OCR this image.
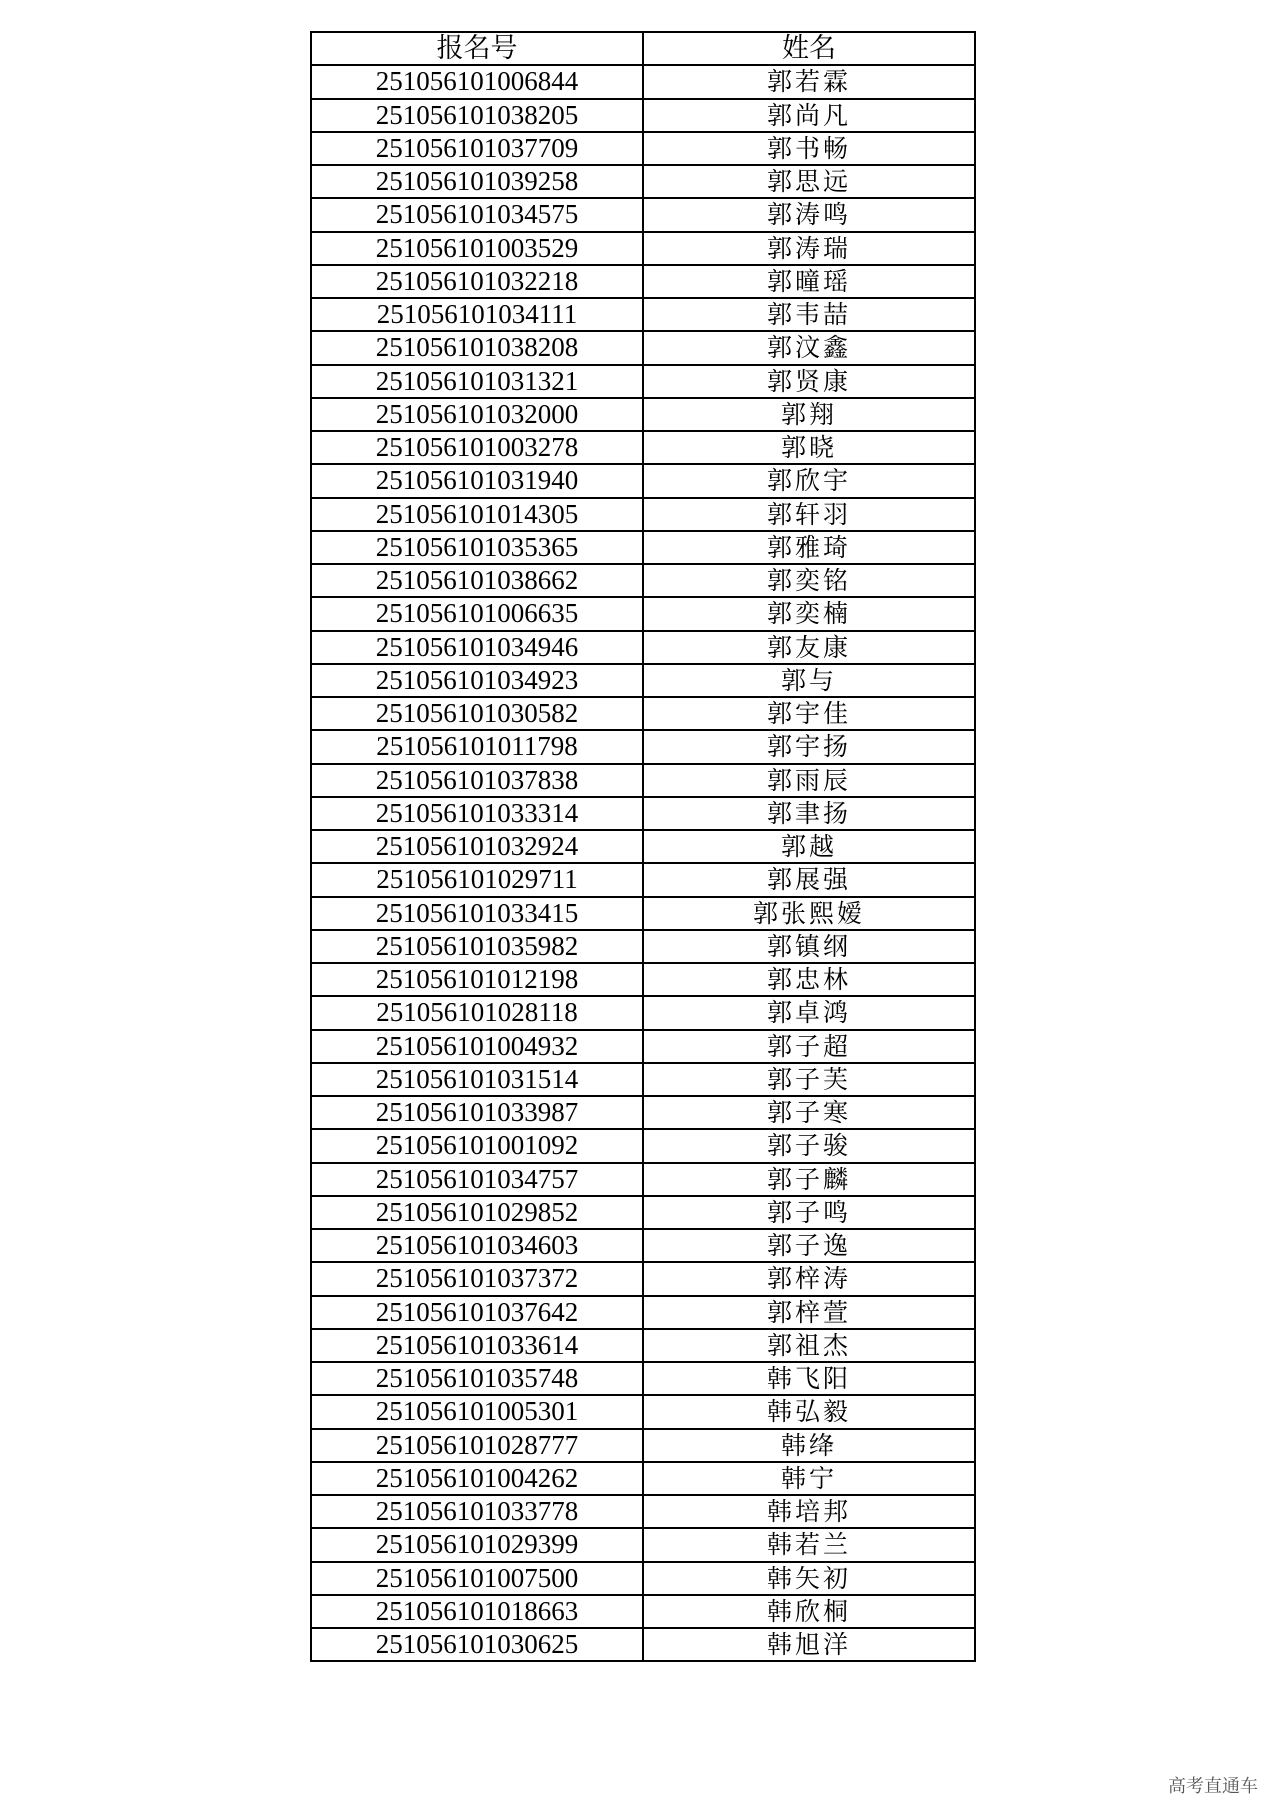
报名号	姓名
251056101006844	郭若霖
251056101038205	郭尚凡
251056101037709	郭书畅
251056101039258	郭思远
251056101034575	郭涛鸣
251056101003529	郭涛瑞
251056101032218	郭曈瑶
251056101034111	郭韦喆
251056101038208	郭汶鑫
251056101031321	郭贤康
251056101032000	郭翔
251056101003278	郭晓
251056101031940	郭欣宇
251056101014305	郭轩羽
251056101035365	郭雅琦
251056101038662	郭奕铭
251056101006635	郭奕楠
251056101034946	郭友康
251056101034923	郭与
251056101030582	郭宇佳
251056101011798	郭宇扬
251056101037838	郭雨辰
251056101033314	郭聿扬
251056101032924	郭越
251056101029711	郭展强
251056101033415	郭张熙嫒
251056101035982	郭镇纲
251056101012198	郭忠林
251056101028118	郭卓鸿
251056101004932	郭子超
251056101031514	郭子芙
251056101033987	郭子寒
251056101001092	郭子骏
251056101034757	郭子麟
251056101029852	郭子鸣
251056101034603	郭子逸
251056101037372	郭梓涛
251056101037642	郭梓萱
251056101033614	郭祖杰
251056101035748	韩飞阳
251056101005301	韩弘毅
251056101028777	韩绛
251056101004262	韩宁
251056101033778	韩培邦
251056101029399	韩若兰
251056101007500	韩矢初
251056101018663	韩欣桐
251056101030625	韩旭洋
高考直通车
